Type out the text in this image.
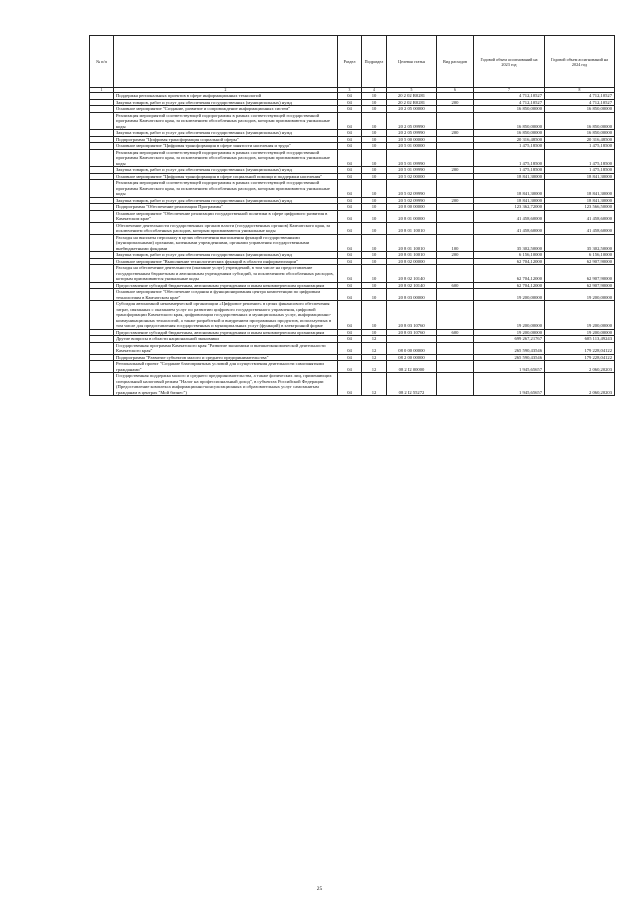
№ п/п		Раздел	Подраздел	Целевая статья	Вид расходов	Годовой объем ассигнований на 2023 год	Годовой объем ассигнований на 2024 год
1	2	3	4	5	6	7	8
	Поддержка региональных проектов в сфере информационных технологий	04	10	20 2 02 R0281		4 712,10527	4 712,10527
	Закупка товаров, работ и услуг для обеспечения государственных (муниципальных) нужд	04	10	20 2 02 R0281	200	4 712,10527	4 712,10527
	Основное мероприятие "Создание, развитие и сопровождение информационных систем"	04	10	20 2 05 00000		16 850,00000	16 850,00000
	Реализация мероприятий соответствующей подпрограммы в рамках соответствующей государственной программы Камчатского края, за исключением обособленных расходов, которым присваиваются уникальные коды	04	10	20 2 05 09990		16 850,00000	16 850,00000
	Закупка товаров, работ и услуг для обеспечения государственных (муниципальных) нужд	04	10	20 2 05 09990	200	16 850,00000	16 850,00000
	Подпрограмма "Цифровая трансформация социальной сферы"	04	10	20 5 00 00000		20 316,48500	20 316,48500
	Основное мероприятие "Цифровая трансформация в сфере занятости населения и труда"	04	10	20 5 01 00000		1 475,18500	1 475,18500
	Реализация мероприятий соответствующей подпрограммы в рамках соответствующей государственной программы Камчатского края, за исключением обособленных расходов, которым присваиваются уникальные коды	04	10	20 5 01 09990		1 475,18500	1 475,18500
	Закупка товаров, работ и услуг для обеспечения государственных (муниципальных) нужд	04	10	20 5 01 09990	200	1 475,18500	1 475,18500
	Основное мероприятие "Цифровая трансформация в сфере социальной помощи и поддержки населения"	04	10	20 5 02 00000		18 841,30000	18 841,30000
	Реализация мероприятий соответствующей подпрограммы в рамках соответствующей государственной программы Камчатского края, за исключением обособленных расходов, которым присваиваются уникальные коды	04	10	20 5 02 09990		18 841,30000	18 841,30000
	Закупка товаров, работ и услуг для обеспечения государственных (муниципальных) нужд	04	10	20 5 02 09990	200	18 841,30000	18 841,30000
	Подпрограмма "Обеспечение реализации Программы"	04	10	20 8 00 00000		123 362,72000	123 566,50000
	Основное мероприятие "Обеспечение реализации государственной политики в сфере цифрового развития в Камчатском крае"	04	10	20 8 01 00000		41 458,60000	41 458,60000
	Обеспечение деятельности государственных органов власти (государственных органов) Камчатского края, за исключением обособленных расходов, которым присваиваются уникальные коды	04	10	20 8 01 10010		41 458,60000	41 458,60000
	Расходы на выплаты персоналу в целях обеспечения выполнения функций государственными (муниципальными) органами, казенными учреждениями, органами управления государственными внебюджетными фондами	04	10	20 8 01 10010	100	35 302,50000	35 302,50000
	Закупка товаров, работ и услуг для обеспечения государственных (муниципальных) нужд	04	10	20 8 01 10010	200	6 156,10000	6 156,10000
	Основное мероприятие "Выполнение технологических функций в области информатизации"	04	10	20 8 02 00000		62 704,12000	62 907,90000
	Расходы на обеспечение деятельности (оказание услуг) учреждений, в том числе на предоставление государственным бюджетным и автономным учреждениям субсидий, за исключением обособленных расходов, которым присваиваются уникальные коды	04	10	20 8 02 10140		62 704,12000	62 907,90000
	Предоставление субсидий бюджетным, автономным учреждениям и иным некоммерческим организациям	04	10	20 8 02 10140	600	62 704,12000	62 907,90000
	Основное мероприятие "Обеспечение создания и функционирования центра компетенции по цифровым технологиям в Камчатском крае"	04	10	20 8 03 00000		19 200,00000	19 200,00000
	Субсидия автономной некоммерческой организации «Цифровое решение» в целях финансового обеспечения затрат, связанных с оказанием услуг по развитию цифрового государственного управления, цифровой трансформации Камчатского края, цифровизации государственных и муниципальных услуг, информационно-коммуникационных технологий, а также разработкой и внедрением программных продуктов, используемых в том числе для предоставления государственных и муниципальных услуг (функций) в электронной форме	04	10	20 8 03 10760		19 200,00000	19 200,00000
	Предоставление субсидий бюджетным, автономным учреждениям и иным некоммерческим организациям	04	10	20 8 03 10760	600	19 200,00000	19 200,00000
	Другие вопросы в области национальной экономики	04	12			699 267,21767	605 113,49243
	Государственная программа Камчатского края "Развитие экономики и внешнеэкономической деятельности Камчатского края"	04	12	08 0 00 00000		265 590,43546	179 228,04122
	Подпрограмма "Развитие субъектов малого и среднего предпринимательства"	04	12	08 2 00 00000		265 590,43546	179 228,04122
	Региональный проект "Создание благоприятных условий для осуществления деятельности самозанятыми гражданами"	04	12	08 2 I2 00000		1 945,65657	2 060,20203
	Государственная поддержка малого и среднего предпринимательства, а также физических лиц, применяющих специальный налоговый режим "Налог на профессиональный доход", в субъектах Российской Федерации (Предоставление комплекса информационно-консультационных и образовательных услуг самозанятым гражданам в центрах "Мой бизнес")	04	12	08 2 I2 55272		1 945,65657	2 060,20203
25
